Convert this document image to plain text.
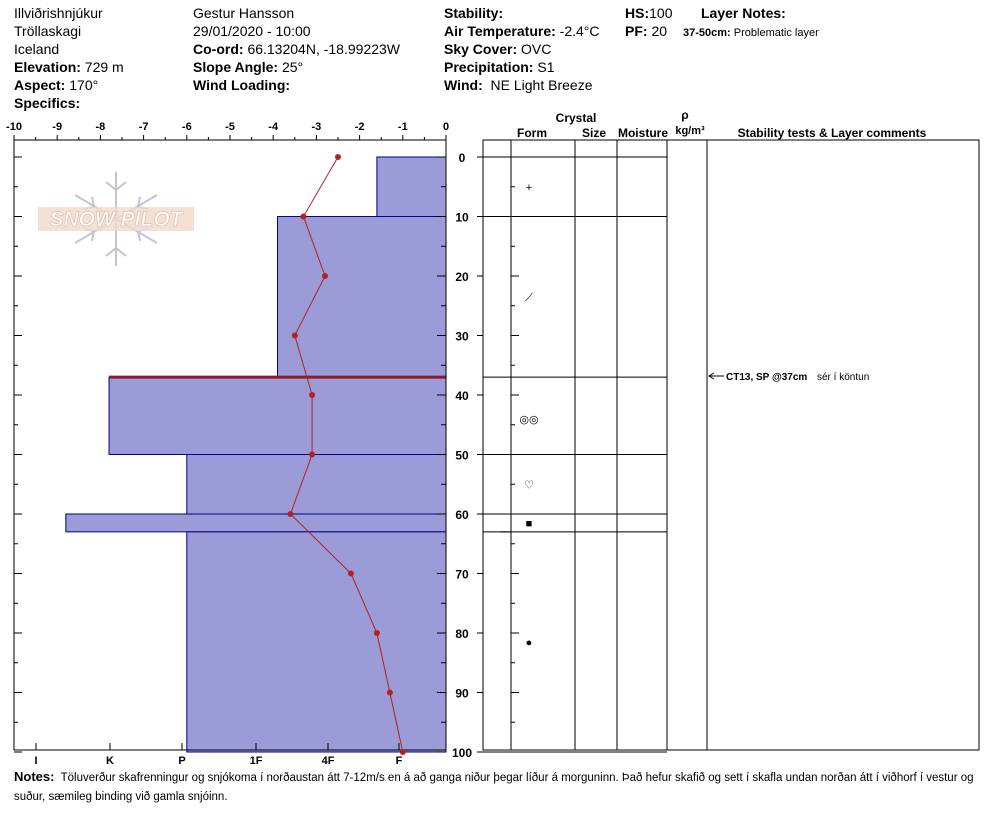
Illviðrishnjúkur
Tröllaskagi
Iceland
Elevation: 729 m
Aspect: 170°
Specifics:
Gestur Hansson
29/01/2020 - 10:00
Co-ord: 66.13204N, -18.99223W
Slope Angle: 25°
Wind Loading:
Stability:
Air Temperature: -2.4°C
Sky Cover: OVC
Precipitation: S1
Wind: NE Light Breeze
HS:100
PF: 20
Layer Notes:
37-50cm: Problematic layer
SNOW PILOT
-10	-9	-8	-7	-6	-5	-4	-3	-2	-1	0
0
10
20
30
40
50
60
70
80
90
100
I	K	P	1F	4F	F
+
⟋
◎◎
♡
■
●
Crystal
Form	Size Moisture
ρ
kg/m³	Stability tests & Layer comments
CT13, SP @37cm sér í köntun
Notes: Töluverður skafrenningur og snjókoma í norðaustan átt 7-12m/s en á að ganga niður þegar líður á morguninn. Það hefur skafið og sett í skafla undan norðan átt í viðhorf í vestur og suður, sæmileg binding við gamla snjóinn.
